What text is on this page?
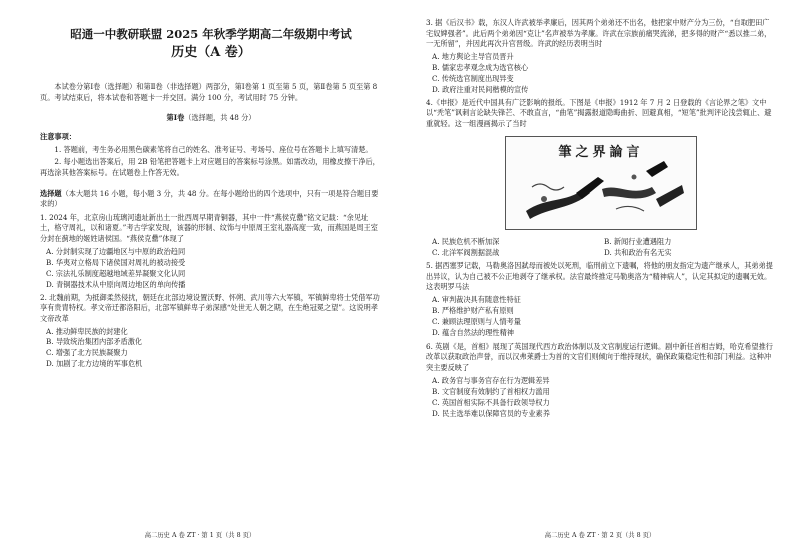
昭通一中教研联盟 2025 年秋季学期高二年级期中考试
历史（A 卷）

本试卷分第Ⅰ卷（选择题）和第Ⅱ卷（非选择题）两部分，第Ⅰ卷第 1 页至第 5 页，第Ⅱ卷第 5 页至第 8 页。考试结束后，将本试卷和答题卡一并交回。满分 100 分，考试用时 75 分钟。

第Ⅰ卷（选择题，共 48 分）
注意事项：

1. 答题前，考生务必用黑色碳素笔将自己的姓名、准考证号、考场号、座位号在答题卡上填写清楚。

2. 每小题选出答案后，用 2B 铅笔把答题卡上对应题目的答案标号涂黑。如需改动，用橡皮擦干净后，再选涂其他答案标号。在试题卷上作答无效。

选择题（本大题共 16 小题，每小题 3 分，共 48 分。在每小题给出的四个选项中，只有一项是符合题目要求的）

1. 2024 年，北京房山琉璃河遗址新出土一批西周早期青铜器，其中一件“燕侯克罍”铭文记载：“余见址土，格守周礼，以和诸夏。”考古学家发现，该器的形制、纹饰与中原周王室礼器高度一致，而燕国是周王室分封在蓟地的姬姓诸侯国。“燕侯克罍”体现了

A. 分封制实现了边疆地区与中原的政治趋同
B. 华夷对立格局下诸侯国对周礼的被动接受
C. 宗法礼乐制度超越地域差异凝聚文化认同
D. 青铜器技术从中原向周边地区的单向传播

2. 北魏前期，为抵御柔然侵扰，朝廷在北部边境设置沃野、怀朔、武川等六大军镇，军镇鲜卑将士凭借军功享有贵胄特权。孝文帝迁都洛阳后，北部军镇鲜卑子弟深感“处世无人朝之期，在生绝冠冕之望”。这说明孝文帝改革

A. 推动鲜卑民族的封建化
B. 导致统治集团内部矛盾激化
C. 增强了北方民族凝聚力
D. 加剧了北方边境的军事危机
高二历史 A 卷 ZT · 第 1 页（共 8 页）

3. 据《后汉书》载，东汉人许武被举孝廉后，因其两个弟弟还不出名，他把家中财产分为三份，“自取肥田广宅奴婢强者”。此后两个弟弟因“克让”名声被举为孝廉。许武在宗族前痛哭流涕，把多得的财产“悉以推二弟，一无所留”，并因此再次升官晋级。许武的经历表明当时

A. 地方舆论主导官员晋升
B. 儒家忠孝观念成为选官核心
C. 传统选官制度出现异变
D. 政府注重对民间楷模的宣传

4.《申报》是近代中国具有广泛影响的报纸。下图是《申报》1912 年 7 月 2 日登载的《言论界之笔》文中以“秃笔”讽刺言论缺失锋芒、不敢直言，“曲笔”揭露报道隐晦曲折、回避真相，“短笔”批判评论浅尝辄止、避重就轻。这一组漫画揭示了当时

筆之界論言
A. 民族危机不断加深	B. 新闻行业遭遇阻力
C. 北洋军阀割据混战	D. 共和政治有名无实

5. 据西塞罗记载，马勒奥洛因弑母而被处以死刑，临刑前立下遗嘱，将他的朋友指定为遗产继承人，其弟弟提出异议，认为自己被不公正地剥夺了继承权。法官最终推定马勒奥洛为“精神病人”，认定其拟定的遗嘱无效。这表明罗马法

A. 审判裁决具有随意性特征
B. 严格维护财产私有原则
C. 兼顾法理原则与人情考量
D. 蕴含自然法的理性精神

6. 英剧《是，首相》展现了英国现代西方政治体制以及文官制度运行逻辑。剧中新任首相吉姆，哈克希望推行改革以获取政治声誉，而以汉弗莱爵士为首的文官们则倾向于维持现状，确保政策稳定性和部门利益。这种冲突主要反映了

A. 政务官与事务官存在行为逻辑差异
B. 文官制度有效制约了首相权力滥用
C. 英国首相实际不具备行政领导权力
D. 民主选举难以保障官员的专业素养
高二历史 A 卷 ZT · 第 2 页（共 8 页）
